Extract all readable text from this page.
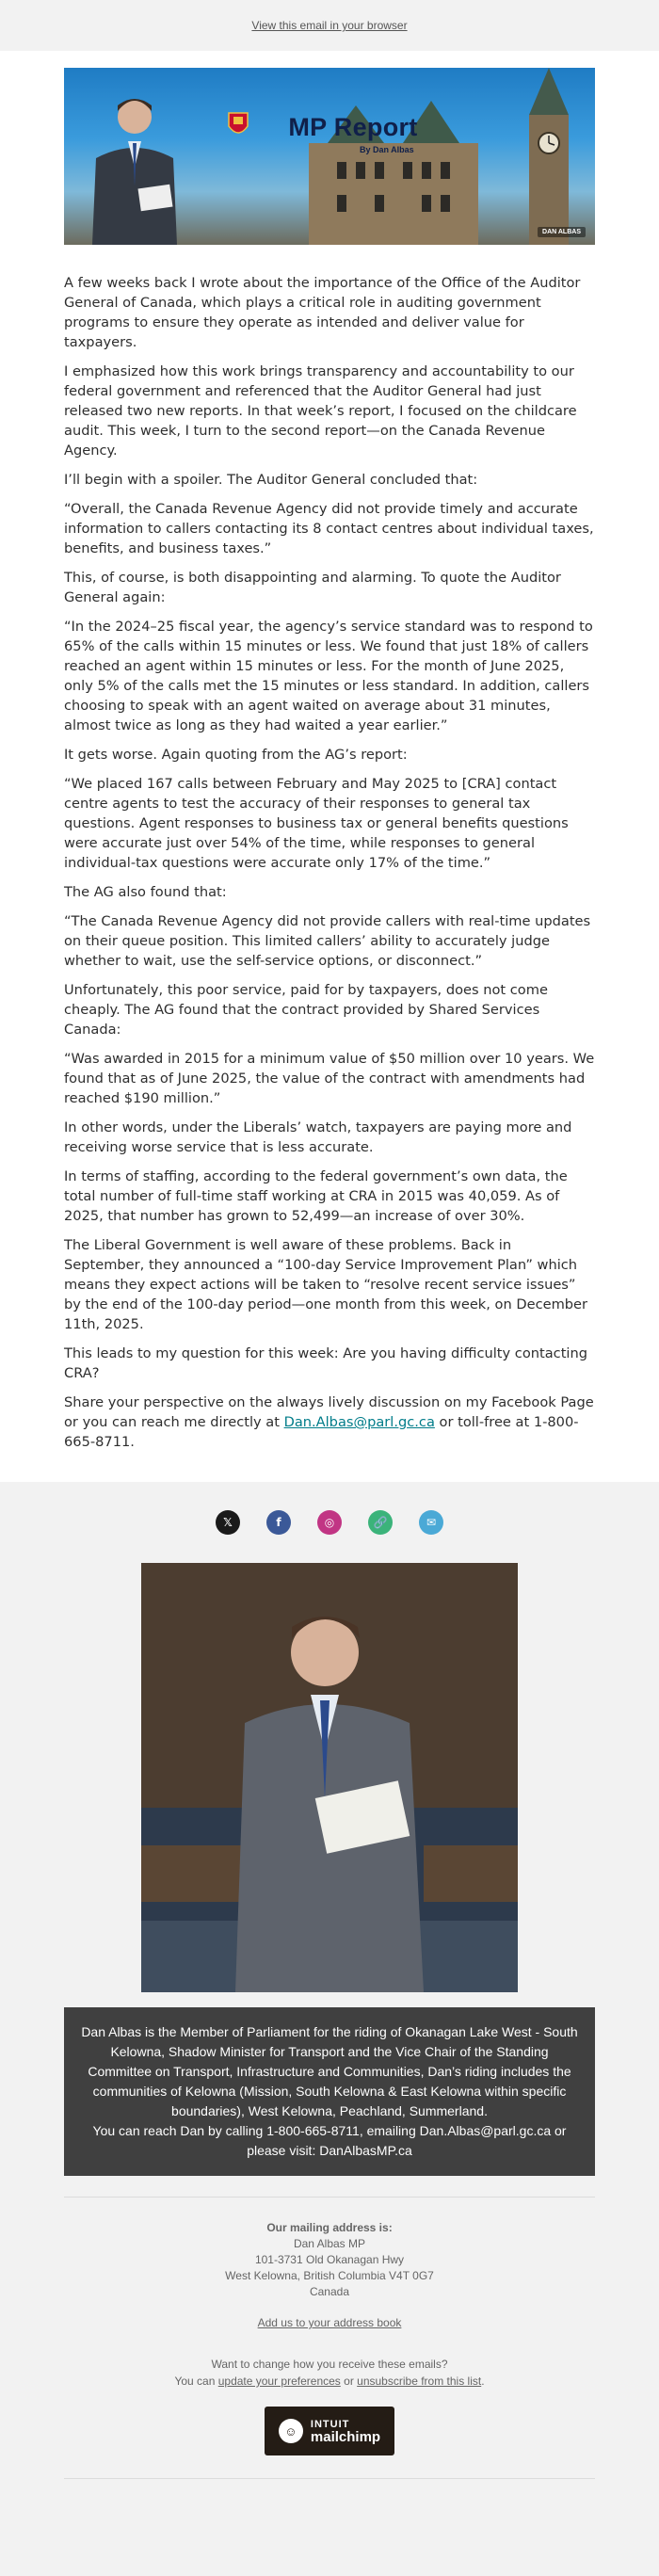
View this email in your browser
MP Report
By Dan Albas
DAN ALBAS

A few weeks back I wrote about the importance of the Office of the Auditor General of Canada, which plays a critical role in auditing government programs to ensure they operate as intended and deliver value for taxpayers.

I emphasized how this work brings transparency and accountability to our federal government and referenced that the Auditor General had just released two new reports. In that week’s report, I focused on the childcare audit. This week, I turn to the second report—on the Canada Revenue Agency.

I’ll begin with a spoiler. The Auditor General concluded that:

“Overall, the Canada Revenue Agency did not provide timely and accurate information to callers contacting its 8 contact centres about individual taxes, benefits, and business taxes.”

This, of course, is both disappointing and alarming. To quote the Auditor General again:

“In the 2024–25 fiscal year, the agency’s service standard was to respond to 65% of the calls within 15 minutes or less. We found that just 18% of callers reached an agent within 15 minutes or less. For the month of June 2025, only 5% of the calls met the 15 minutes or less standard. In addition, callers choosing to speak with an agent waited on average about 31 minutes, almost twice as long as they had waited a year earlier.”

It gets worse. Again quoting from the AG’s report:

“We placed 167 calls between February and May 2025 to [CRA] contact centre agents to test the accuracy of their responses to general tax questions. Agent responses to business tax or general benefits questions were accurate just over 54% of the time, while responses to general individual-tax questions were accurate only 17% of the time.”

The AG also found that:

“The Canada Revenue Agency did not provide callers with real-time updates on their queue position. This limited callers’ ability to accurately judge whether to wait, use the self-service options, or disconnect.”

Unfortunately, this poor service, paid for by taxpayers, does not come cheaply. The AG found that the contract provided by Shared Services Canada:

“Was awarded in 2015 for a minimum value of $50 million over 10 years. We found that as of June 2025, the value of the contract with amendments had reached $190 million.”

In other words, under the Liberals’ watch, taxpayers are paying more and receiving worse service that is less accurate.

In terms of staffing, according to the federal government’s own data, the total number of full-time staff working at CRA in 2015 was 40,059. As of 2025, that number has grown to 52,499—an increase of over 30%.

The Liberal Government is well aware of these problems. Back in September, they announced a “100-day Service Improvement Plan” which means they expect actions will be taken to “resolve recent service issues” by the end of the 100-day period—one month from this week, on December 11th, 2025.

This leads to my question for this week: Are you having difficulty contacting CRA?

Share your perspective on the always lively discussion on my Facebook Page or you can reach me directly at Dan.Albas@parl.gc.ca or toll-free at 1-800-665-8711.

𝕏	f	◎	🔗	✉
Dan Albas is the Member of Parliament for the riding of Okanagan Lake West - South Kelowna, Shadow Minister for Transport and the Vice Chair of the Standing Committee on Transport, Infrastructure and Communities, Dan’s riding includes the communities of Kelowna (Mission, South Kelowna & East Kelowna within specific boundaries), West Kelowna, Peachland, Summerland.
You can reach Dan by calling 1-800-665-8711, emailing Dan.Albas@parl.gc.ca or please visit: DanAlbasMP.ca
Our mailing address is:
Dan Albas MP
101-3731 Old Okanagan Hwy
West Kelowna, British Columbia V4T 0G7
Canada
Add us to your address book
Want to change how you receive these emails?
You can update your preferences or unsubscribe from this list.
☺	INTUIT
mailchimp
